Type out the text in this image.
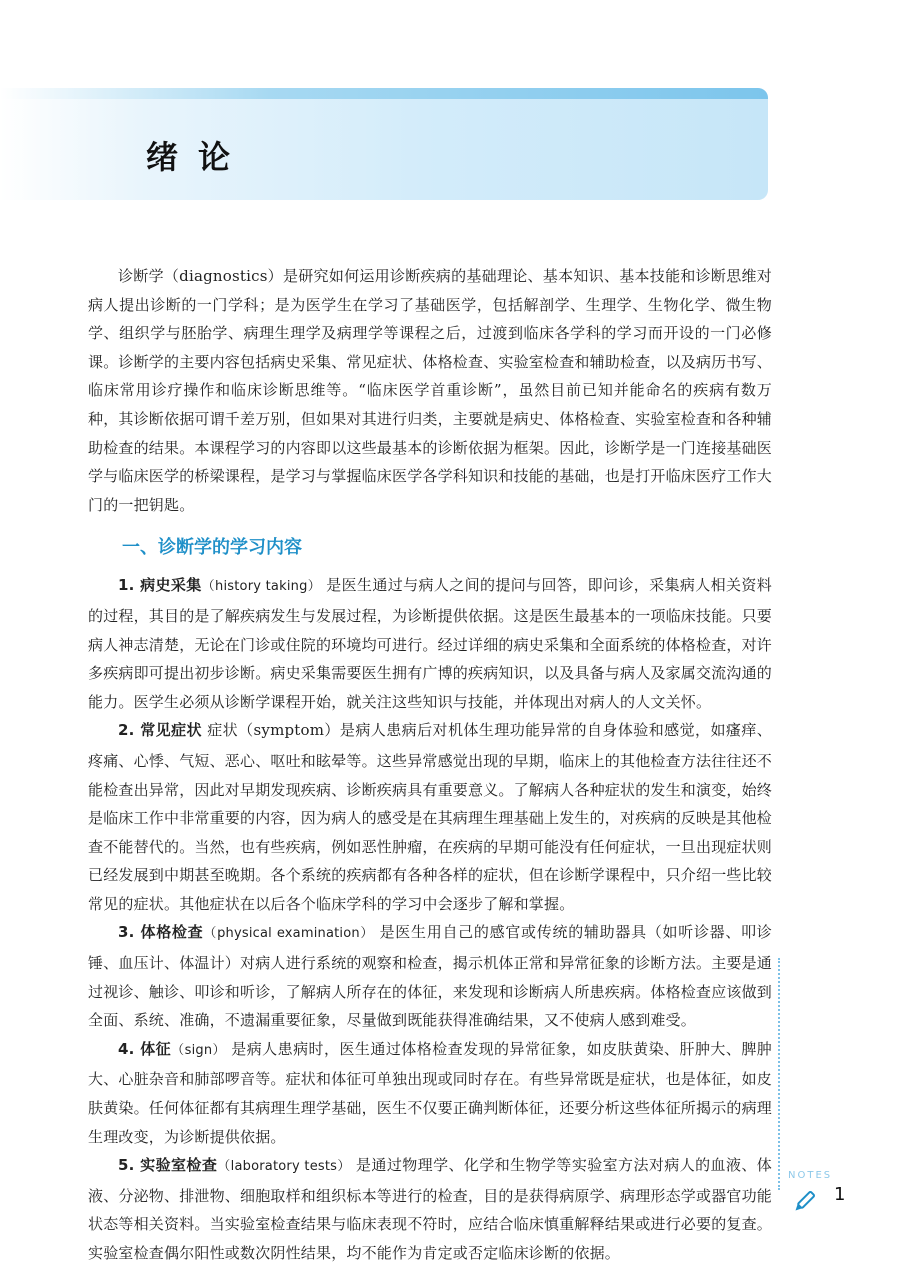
绪论

诊断学（diagnostics）是研究如何运用诊断疾病的基础理论、基本知识、基本技能和诊断思维对病人提出诊断的一门学科；是为医学生在学习了基础医学，包括解剖学、生理学、生物化学、微生物学、组织学与胚胎学、病理生理学及病理学等课程之后，过渡到临床各学科的学习而开设的一门必修课。诊断学的主要内容包括病史采集、常见症状、体格检查、实验室检查和辅助检查，以及病历书写、临床常用诊疗操作和临床诊断思维等。“临床医学首重诊断”，虽然目前已知并能命名的疾病有数万种，其诊断依据可谓千差万别，但如果对其进行归类，主要就是病史、体格检查、实验室检查和各种辅助检查的结果。本课程学习的内容即以这些最基本的诊断依据为框架。因此，诊断学是一门连接基础医学与临床医学的桥梁课程，是学习与掌握临床医学各学科知识和技能的基础，也是打开临床医疗工作大门的一把钥匙。

一、诊断学的学习内容

1. 病史采集（history taking） 是医生通过与病人之间的提问与回答，即问诊，采集病人相关资料的过程，其目的是了解疾病发生与发展过程，为诊断提供依据。这是医生最基本的一项临床技能。只要病人神志清楚，无论在门诊或住院的环境均可进行。经过详细的病史采集和全面系统的体格检查，对许多疾病即可提出初步诊断。病史采集需要医生拥有广博的疾病知识，以及具备与病人及家属交流沟通的能力。医学生必须从诊断学课程开始，就关注这些知识与技能，并体现出对病人的人文关怀。

2. 常见症状 症状（symptom）是病人患病后对机体生理功能异常的自身体验和感觉，如瘙痒、疼痛、心悸、气短、恶心、呕吐和眩晕等。这些异常感觉出现的早期，临床上的其他检查方法往往还不能检查出异常，因此对早期发现疾病、诊断疾病具有重要意义。了解病人各种症状的发生和演变，始终是临床工作中非常重要的内容，因为病人的感受是在其病理生理基础上发生的，对疾病的反映是其他检查不能替代的。当然，也有些疾病，例如恶性肿瘤，在疾病的早期可能没有任何症状，一旦出现症状则已经发展到中期甚至晚期。各个系统的疾病都有各种各样的症状，但在诊断学课程中，只介绍一些比较常见的症状。其他症状在以后各个临床学科的学习中会逐步了解和掌握。

3. 体格检查（physical examination） 是医生用自己的感官或传统的辅助器具（如听诊器、叩诊锤、血压计、体温计）对病人进行系统的观察和检查，揭示机体正常和异常征象的诊断方法。主要是通过视诊、触诊、叩诊和听诊，了解病人所存在的体征，来发现和诊断病人所患疾病。体格检查应该做到全面、系统、准确，不遗漏重要征象，尽量做到既能获得准确结果，又不使病人感到难受。

4. 体征（sign） 是病人患病时，医生通过体格检查发现的异常征象，如皮肤黄染、肝肿大、脾肿大、心脏杂音和肺部啰音等。症状和体征可单独出现或同时存在。有些异常既是症状，也是体征，如皮肤黄染。任何体征都有其病理生理学基础，医生不仅要正确判断体征，还要分析这些体征所揭示的病理生理改变，为诊断提供依据。

5. 实验室检查（laboratory tests） 是通过物理学、化学和生物学等实验室方法对病人的血液、体液、分泌物、排泄物、细胞取样和组织标本等进行的检查，目的是获得病原学、病理形态学或器官功能状态等相关资料。当实验室检查结果与临床表现不符时，应结合临床慎重解释结果或进行必要的复查。实验室检查偶尔阳性或数次阴性结果，均不能作为肯定或否定临床诊断的依据。

NOTES
1
